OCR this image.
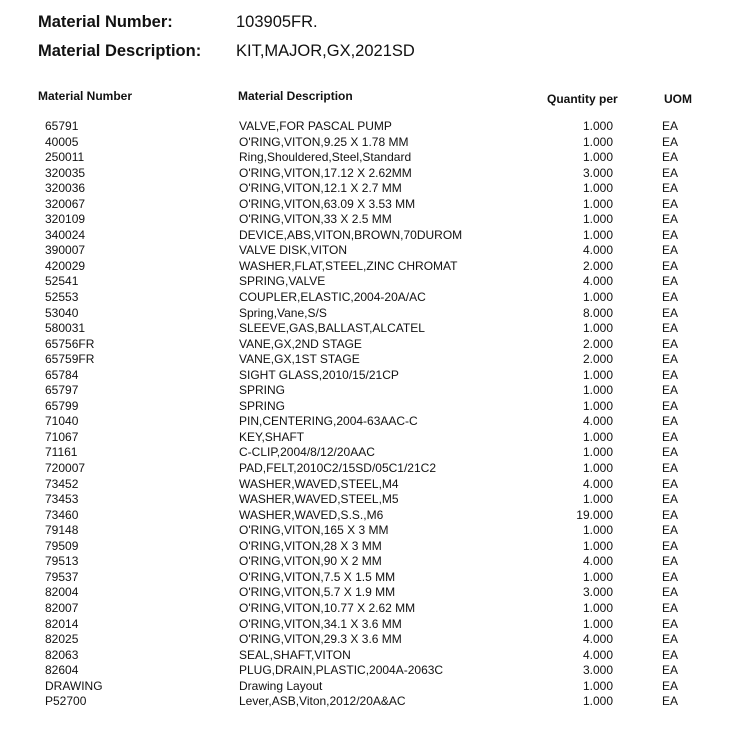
Material Number:	103905FR.
Material Description: KIT,MAJOR,GX,2021SD
Material Number	Material Description	Quantity per	UOM
65791	VALVE,FOR PASCAL PUMP	1.000	EA
40005	O'RING,VITON,9.25 X 1.78 MM	1.000	EA
250011	Ring,Shouldered,Steel,Standard	1.000	EA
320035	O'RING,VITON,17.12 X 2.62MM	3.000	EA
320036	O'RING,VITON,12.1 X 2.7 MM	1.000	EA
320067	O'RING,VITON,63.09 X 3.53 MM	1.000	EA
320109	O'RING,VITON,33 X 2.5 MM	1.000	EA
340024	DEVICE,ABS,VITON,BROWN,70DUROM	1.000	EA
390007	VALVE DISK,VITON	4.000	EA
420029	WASHER,FLAT,STEEL,ZINC CHROMAT	2.000	EA
52541	SPRING,VALVE	4.000	EA
52553	COUPLER,ELASTIC,2004-20A/AC	1.000	EA
53040	Spring,Vane,S/S	8.000	EA
580031	SLEEVE,GAS,BALLAST,ALCATEL	1.000	EA
65756FR	VANE,GX,2ND STAGE	2.000	EA
65759FR	VANE,GX,1ST STAGE	2.000	EA
65784	SIGHT GLASS,2010/15/21CP	1.000	EA
65797	SPRING	1.000	EA
65799	SPRING	1.000	EA
71040	PIN,CENTERING,2004-63AAC-C	4.000	EA
71067	KEY,SHAFT	1.000	EA
71161	C-CLIP,2004/8/12/20AAC	1.000	EA
720007	PAD,FELT,2010C2/15SD/05C1/21C2	1.000	EA
73452	WASHER,WAVED,STEEL,M4	4.000	EA
73453	WASHER,WAVED,STEEL,M5	1.000	EA
73460	WASHER,WAVED,S.S.,M6	19.000	EA
79148	O'RING,VITON,165 X 3 MM	1.000	EA
79509	O'RING,VITON,28 X 3 MM	1.000	EA
79513	O'RING,VITON,90 X 2 MM	4.000	EA
79537	O'RING,VITON,7.5 X 1.5 MM	1.000	EA
82004	O'RING,VITON,5.7 X 1.9 MM	3.000	EA
82007	O'RING,VITON,10.77 X 2.62 MM	1.000	EA
82014	O'RING,VITON,34.1 X 3.6 MM	1.000	EA
82025	O'RING,VITON,29.3 X 3.6 MM	4.000	EA
82063	SEAL,SHAFT,VITON	4.000	EA
82604	PLUG,DRAIN,PLASTIC,2004A-2063C	3.000	EA
DRAWING	Drawing Layout	1.000	EA
P52700	Lever,ASB,Viton,2012/20A&AC	1.000	EA
